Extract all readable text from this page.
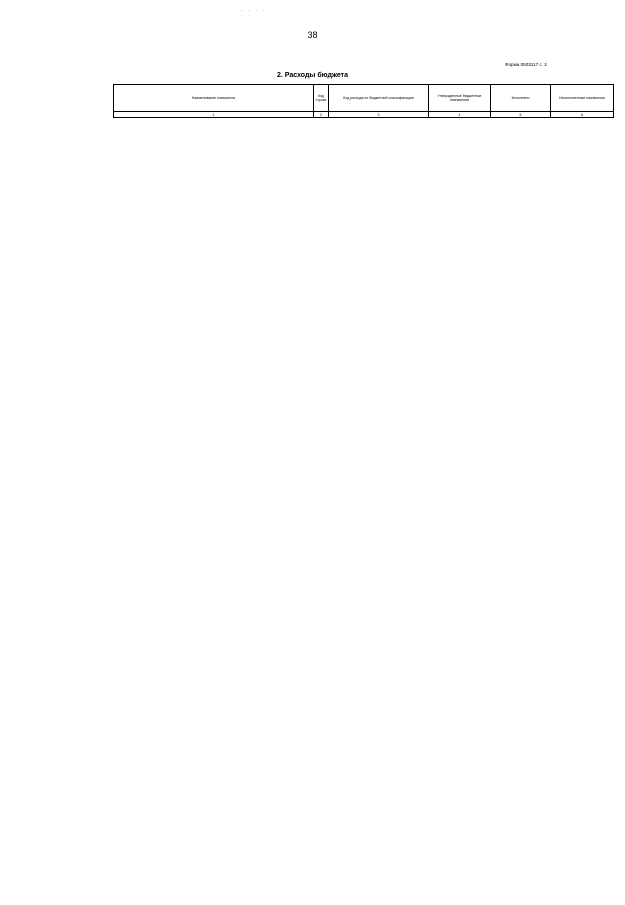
38
· · · ·
Форма 0503117 с. 2
2. Расходы бюджета
Наименование показателя	Код строки	Код расхода по бюджетной классификации	Утвержденные бюджетные назначения	Исполнено	Неисполненные назначения
1	2	3	4	5	6
